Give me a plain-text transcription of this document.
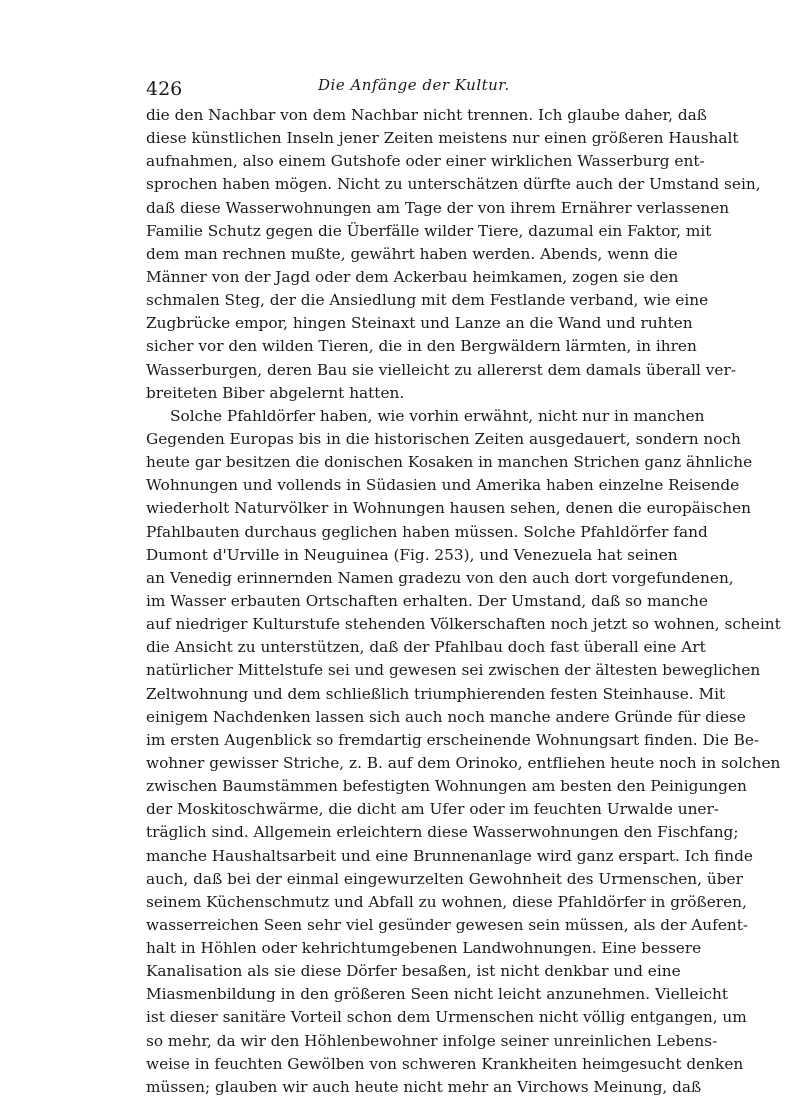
426	Die Anfänge der Kultur.
die den Nachbar von dem Nachbar nicht trennen. Ich glaube daher, daß
diese künstlichen Inseln jener Zeiten meistens nur einen größeren Haushalt
aufnahmen, also einem Gutshofe oder einer wirklichen Wasserburg ent-
sprochen haben mögen. Nicht zu unterschätzen dürfte auch der Umstand sein,
daß diese Wasserwohnungen am Tage der von ihrem Ernährer verlassenen
Familie Schutz gegen die Überfälle wilder Tiere, dazumal ein Faktor, mit
dem man rechnen mußte, gewährt haben werden. Abends, wenn die
Männer von der Jagd oder dem Ackerbau heimkamen, zogen sie den
schmalen Steg, der die Ansiedlung mit dem Festlande verband, wie eine
Zugbrücke empor, hingen Steinaxt und Lanze an die Wand und ruhten
sicher vor den wilden Tieren, die in den Bergwäldern lärmten, in ihren
Wasserburgen, deren Bau sie vielleicht zu allererst dem damals überall ver-
breiteten Biber abgelernt hatten.
Solche Pfahldörfer haben, wie vorhin erwähnt, nicht nur in manchen
Gegenden Europas bis in die historischen Zeiten ausgedauert, sondern noch
heute gar besitzen die donischen Kosaken in manchen Strichen ganz ähnliche
Wohnungen und vollends in Südasien und Amerika haben einzelne Reisende
wiederholt Naturvölker in Wohnungen hausen sehen, denen die europäischen
Pfahlbauten durchaus geglichen haben müssen. Solche Pfahldörfer fand
Dumont d'Urville in Neuguinea (Fig. 253), und Venezuela hat seinen
an Venedig erinnernden Namen gradezu von den auch dort vorgefundenen,
im Wasser erbauten Ortschaften erhalten. Der Umstand, daß so manche
auf niedriger Kulturstufe stehenden Völkerschaften noch jetzt so wohnen, scheint
die Ansicht zu unterstützen, daß der Pfahlbau doch fast überall eine Art
natürlicher Mittelstufe sei und gewesen sei zwischen der ältesten beweglichen
Zeltwohnung und dem schließlich triumphierenden festen Steinhause. Mit
einigem Nachdenken lassen sich auch noch manche andere Gründe für diese
im ersten Augenblick so fremdartig erscheinende Wohnungsart finden. Die Be-
wohner gewisser Striche, z. B. auf dem Orinoko, entfliehen heute noch in solchen
zwischen Baumstämmen befestigten Wohnungen am besten den Peinigungen
der Moskitoschwärme, die dicht am Ufer oder im feuchten Urwalde uner-
träglich sind. Allgemein erleichtern diese Wasserwohnungen den Fischfang;
manche Haushaltsarbeit und eine Brunnenanlage wird ganz erspart. Ich finde
auch, daß bei der einmal eingewurzelten Gewohnheit des Urmenschen, über
seinem Küchenschmutz und Abfall zu wohnen, diese Pfahldörfer in größeren,
wasserreichen Seen sehr viel gesünder gewesen sein müssen, als der Aufent-
halt in Höhlen oder kehrichtumgebenen Landwohnungen. Eine bessere
Kanalisation als sie diese Dörfer besaßen, ist nicht denkbar und eine
Miasmenbildung in den größeren Seen nicht leicht anzunehmen. Vielleicht
ist dieser sanitäre Vorteil schon dem Urmenschen nicht völlig entgangen, um
so mehr, da wir den Höhlenbewohner infolge seiner unreinlichen Lebens-
weise in feuchten Gewölben von schweren Krankheiten heimgesucht denken
müssen; glauben wir auch heute nicht mehr an Virchows Meinung, daß
